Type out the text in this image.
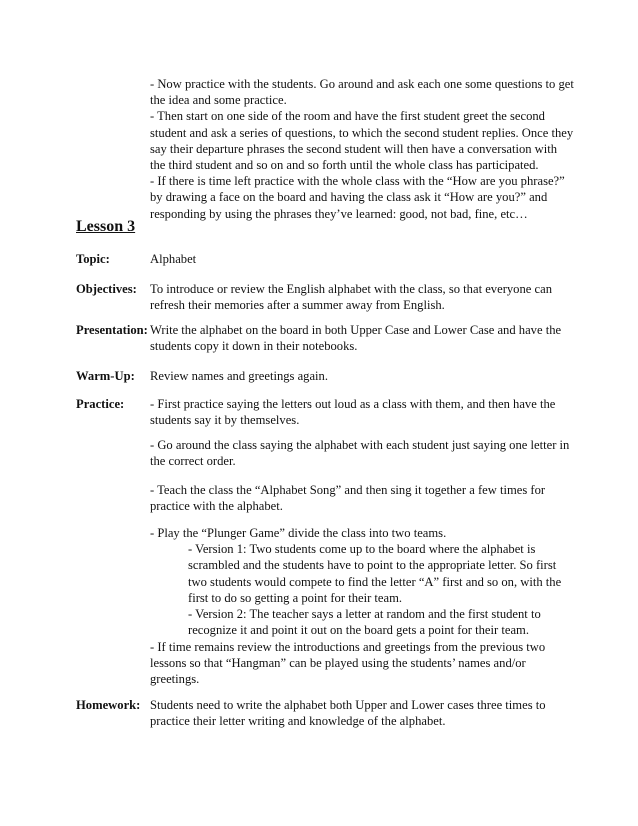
- Now practice with the students. Go around and ask each one some questions to get the idea and some practice.

- Then start on one side of the room and have the first student greet the second student and ask a series of questions, to which the second student replies. Once they say their departure phrases the second student will then have a conversation with the third student and so on and so forth until the whole class has participated.

- If there is time left practice with the whole class with the “How are you phrase?” by drawing a face on the board and having the class ask it “How are you?” and responding by using the phrases they’ve learned: good, not bad, fine, etc…

Lesson 3
Topic:	Alphabet
Objectives: To introduce or review the English alphabet with the class, so that everyone can refresh their memories after a summer away from English.
Presentation: Write the alphabet on the board in both Upper Case and Lower Case and have the students copy it down in their notebooks.
Warm-Up: Review names and greetings again.
Practice: - First practice saying the letters out loud as a class with them, and then have the students say it by themselves.
- Go around the class saying the alphabet with each student just saying one letter in the correct order.
- Teach the class the “Alphabet Song” and then sing it together a few times for practice with the alphabet.

- Play the “Plunger Game” divide the class into two teams.

- Version 1: Two students come up to the board where the alphabet is scrambled and the students have to point to the appropriate letter. So first two students would compete to find the letter “A” first and so on, with the first to do so getting a point for their team.

- Version 2: The teacher says a letter at random and the first student to recognize it and point it out on the board gets a point for their team.

- If time remains review the introductions and greetings from the previous two lessons so that “Hangman” can be played using the students’ names and/or greetings.
Homework: Students need to write the alphabet both Upper and Lower cases three times to practice their letter writing and knowledge of the alphabet.
